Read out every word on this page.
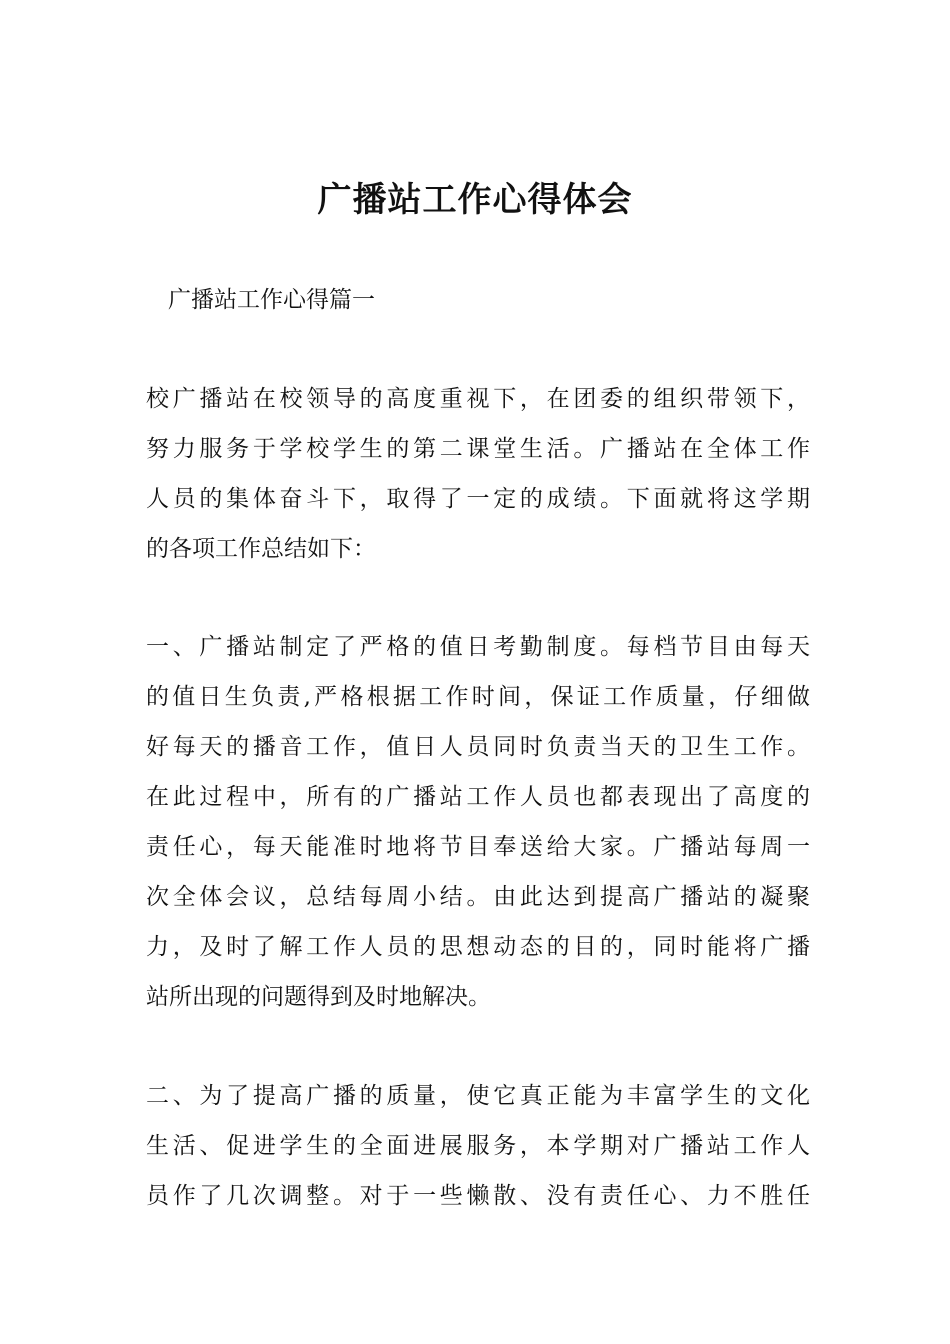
广播站工作心得体会

广播站工作心得篇一

校广播站在校领导的高度重视下，在团委的组织带领下，
努力服务于学校学生的第二课堂生活。广播站在全体工作
人员的集体奋斗下，取得了一定的成绩。下面就将这学期
的各项工作总结如下：
一、广播站制定了严格的值日考勤制度。每档节目由每天
的值日生负责,严格根据工作时间，保证工作质量，仔细做
好每天的播音工作，值日人员同时负责当天的卫生工作。
在此过程中，所有的广播站工作人员也都表现出了高度的
责任心，每天能准时地将节目奉送给大家。广播站每周一
次全体会议，总结每周小结。由此达到提高广播站的凝聚
力，及时了解工作人员的思想动态的目的，同时能将广播
站所出现的问题得到及时地解决。
二、为了提高广播的质量，使它真正能为丰富学生的文化
生活、促进学生的全面进展服务，本学期对广播站工作人
员作了几次调整。对于一些懒散、没有责任心、力不胜任
